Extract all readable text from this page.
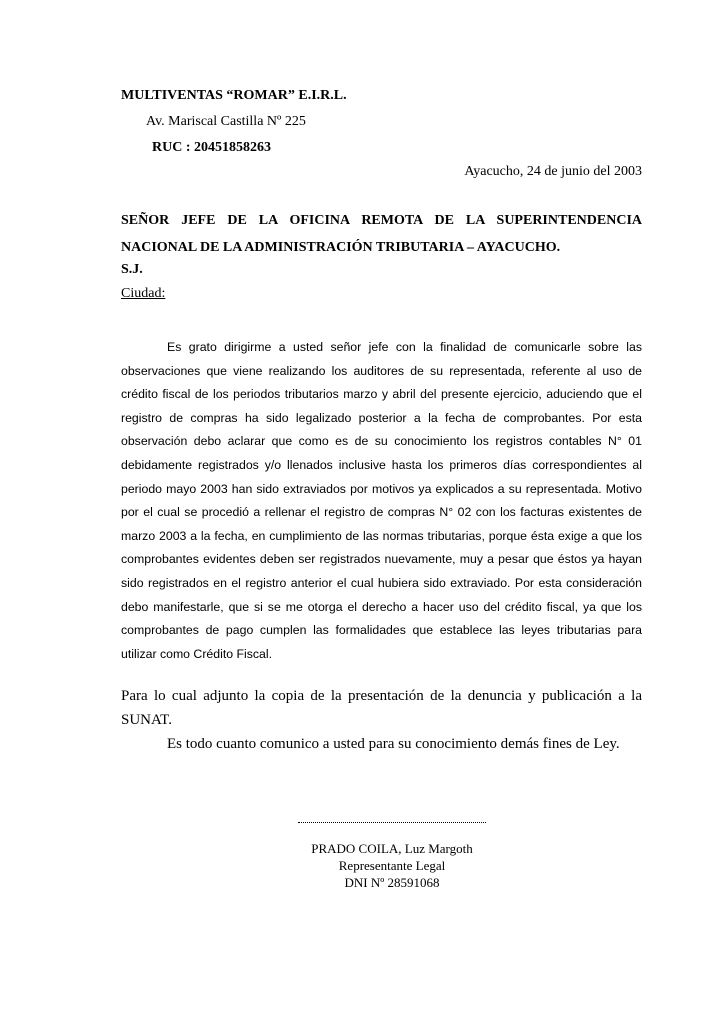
MULTIVENTAS “ROMAR” E.I.R.L.
Av. Mariscal Castilla Nº 225
RUC : 20451858263
Ayacucho, 24 de junio del 2003
SEÑOR JEFE DE LA OFICINA REMOTA DE LA SUPERINTENDENCIA
NACIONAL DE LA ADMINISTRACIÓN TRIBUTARIA – AYACUCHO.
S.J.
Ciudad:

Es grato dirigirme a usted señor jefe con la finalidad de comunicarle sobre las observaciones que viene realizando los auditores de su representada, referente al uso de crédito fiscal de los periodos tributarios marzo y abril del presente ejercicio, aduciendo que el registro de compras ha sido legalizado posterior a la fecha de comprobantes. Por esta observación debo aclarar que como es de su conocimiento los registros contables N° 01 debidamente registrados y/o llenados inclusive hasta los primeros días correspondientes al periodo mayo 2003 han sido extraviados por motivos ya explicados a su representada. Motivo por el cual se procedió a rellenar el registro de compras N° 02 con los facturas existentes de marzo 2003 a la fecha, en cumplimiento de las normas tributarias, porque ésta exige a que los comprobantes evidentes deben ser registrados nuevamente, muy a pesar que éstos ya hayan sido registrados en el registro anterior el cual hubiera sido extraviado. Por esta consideración debo manifestarle, que si se me otorga el derecho a hacer uso del crédito fiscal, ya que los comprobantes de pago cumplen las formalidades que establece las leyes tributarias para utilizar como Crédito Fiscal.

Para lo cual adjunto la copia de la presentación de la denuncia y publicación a la SUNAT.

Es todo cuanto comunico a usted para su conocimiento demás fines de Ley.
PRADO COILA, Luz Margoth
Representante Legal
DNI Nº 28591068
